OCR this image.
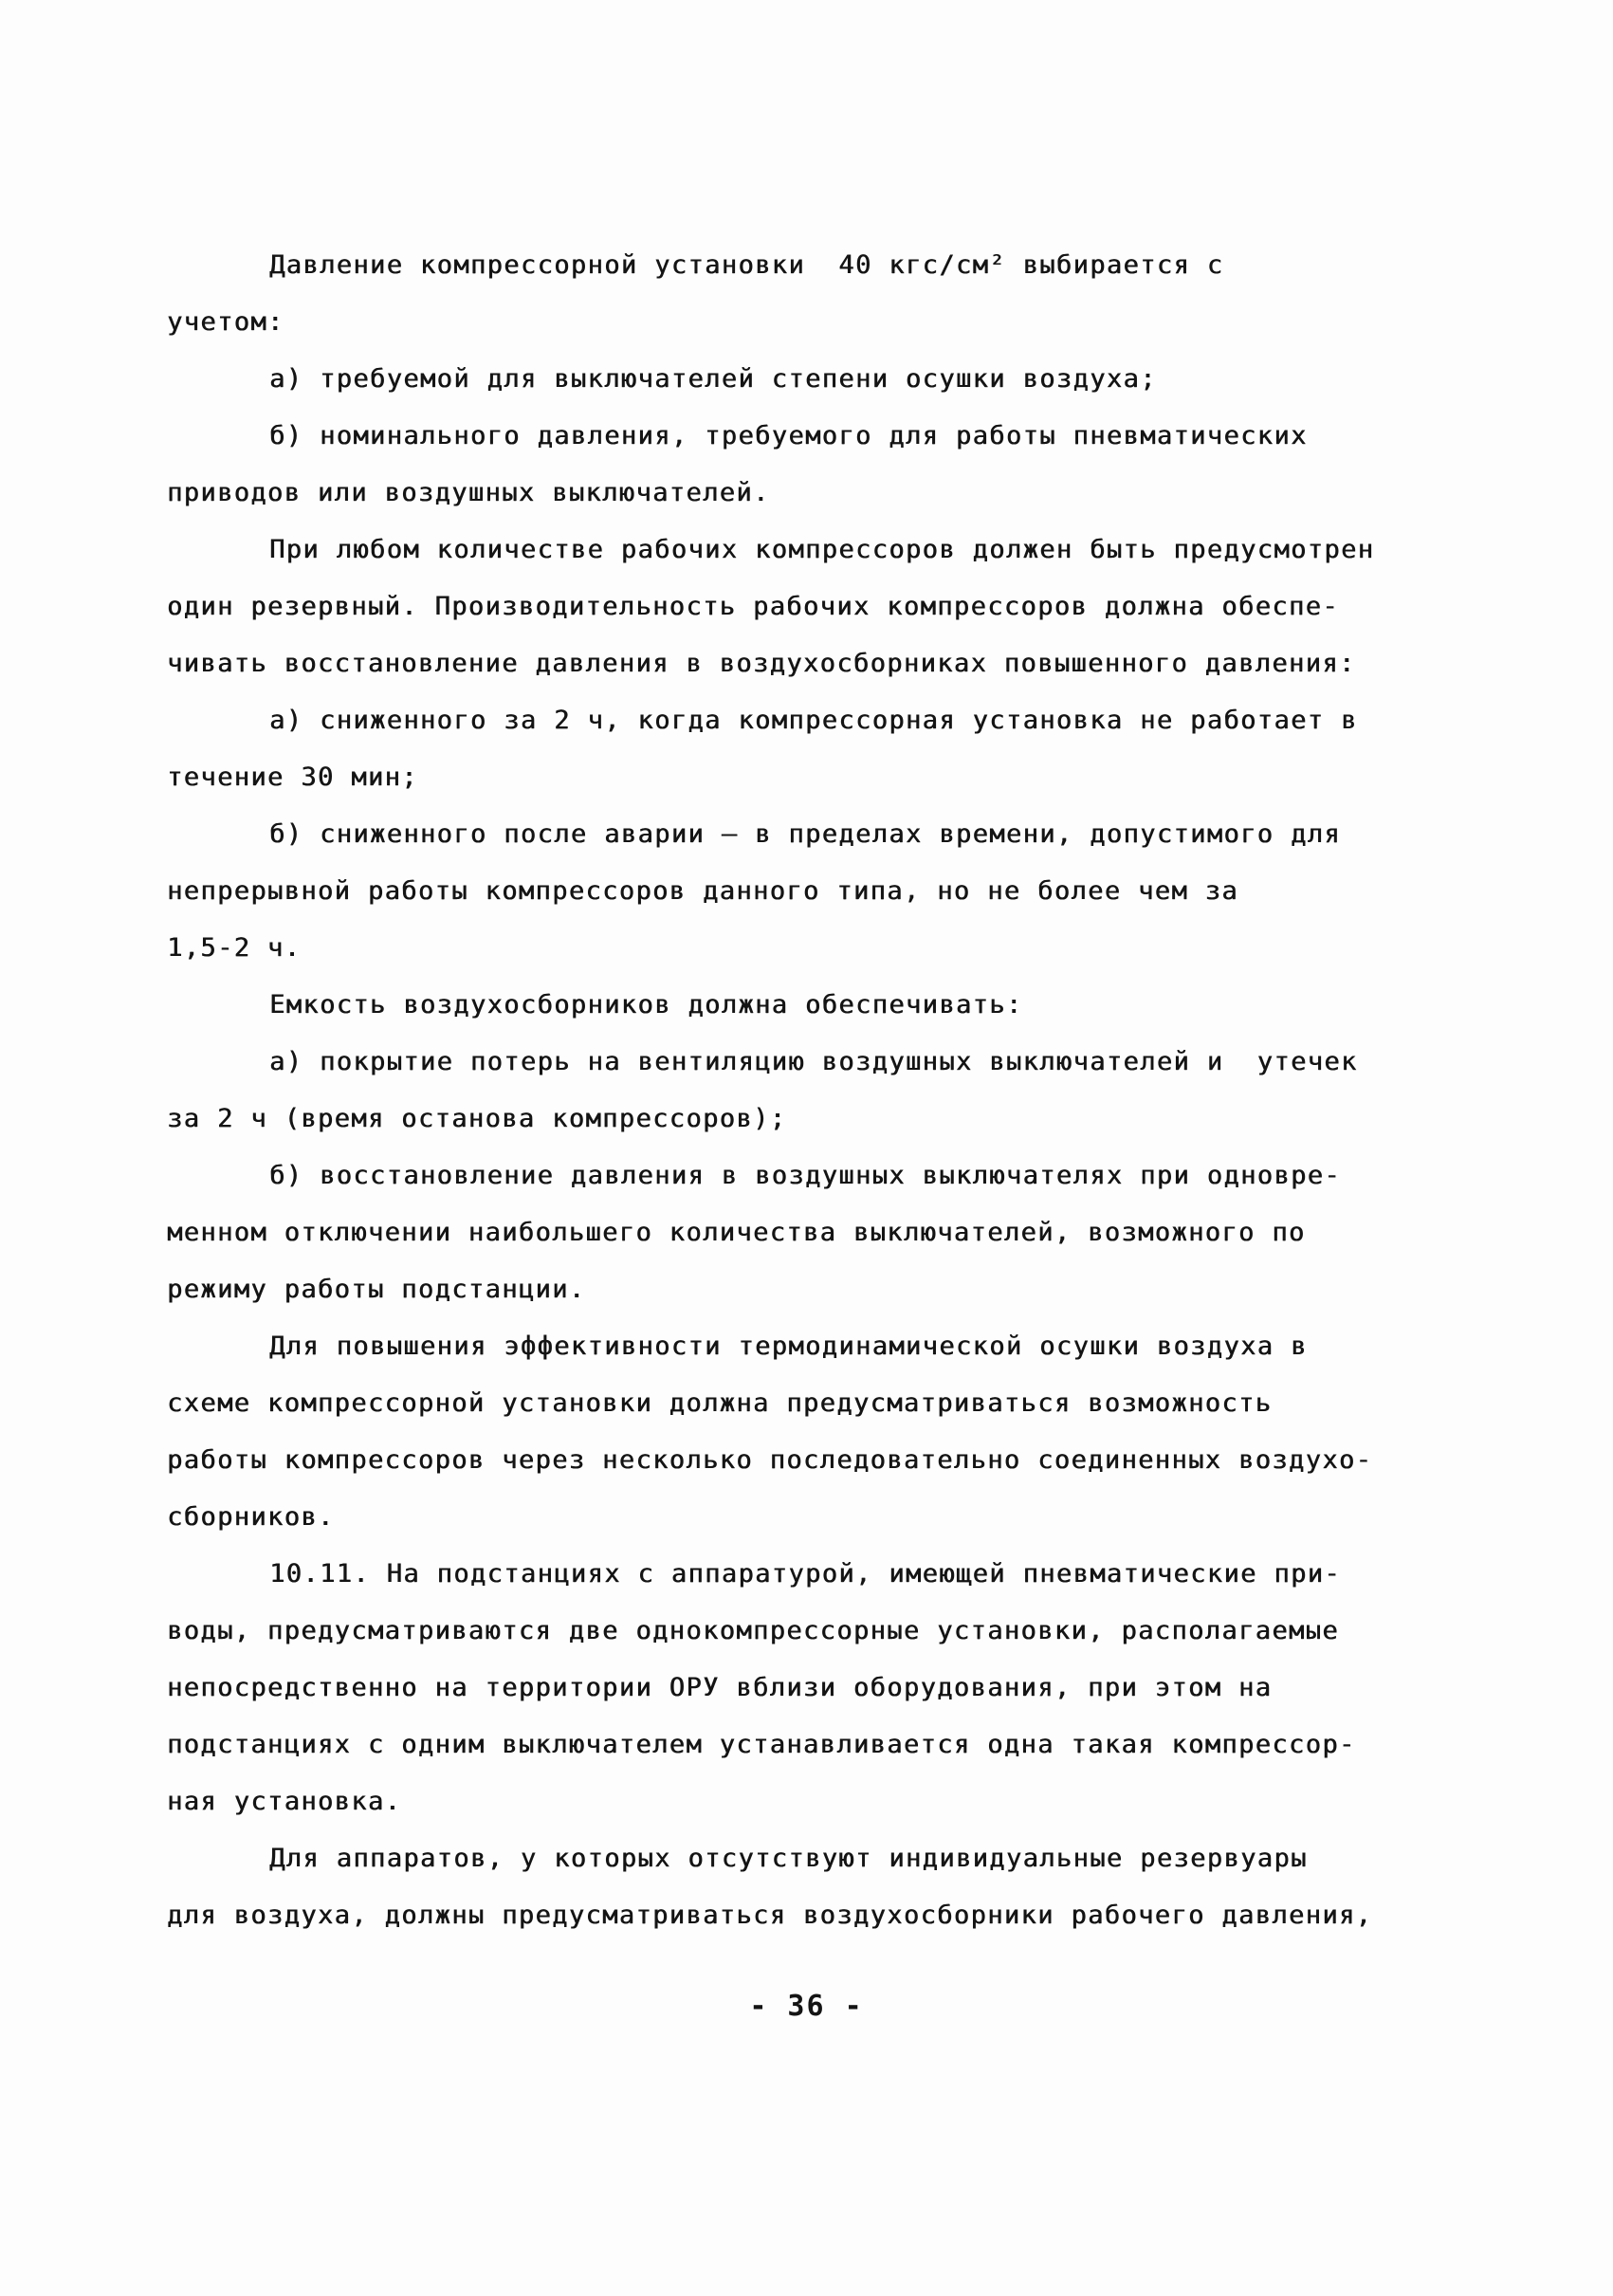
Давление компрессорной установки  40 кгс/см² выбирается с
учетом:
а) требуемой для выключателей степени осушки воздуха;
б) номинального давления, требуемого для работы пневматических
приводов или воздушных выключателей.
При любом количестве рабочих компрессоров должен быть предусмотрен
один резервный. Производительность рабочих компрессоров должна обеспе-
чивать восстановление давления в воздухосборниках повышенного давления:
а) сниженного за 2 ч, когда компрессорная установка не работает в
течение 30 мин;
б) сниженного после аварии — в пределах времени, допустимого для
непрерывной работы компрессоров данного типа, но не более чем за
1,5-2 ч.
Емкость воздухосборников должна обеспечивать:
а) покрытие потерь на вентиляцию воздушных выключателей и  утечек
за 2 ч (время останова компрессоров);
б) восстановление давления в воздушных выключателях при одновре-
менном отключении наибольшего количества выключателей, возможного по
режиму работы подстанции.
Для повышения эффективности термодинамической осушки воздуха в
схеме компрессорной установки должна предусматриваться возможность
работы компрессоров через несколько последовательно соединенных воздухо-
сборников.
10.11. На подстанциях с аппаратурой, имеющей пневматические при-
воды, предусматриваются две однокомпрессорные установки, располагаемые
непосредственно на территории ОРУ вблизи оборудования, при этом на
подстанциях с одним выключателем устанавливается одна такая компрессор-
ная установка.
Для аппаратов, у которых отсутствуют индивидуальные резервуары
для воздуха, должны предусматриваться воздухосборники рабочего давления,
- 36 -
